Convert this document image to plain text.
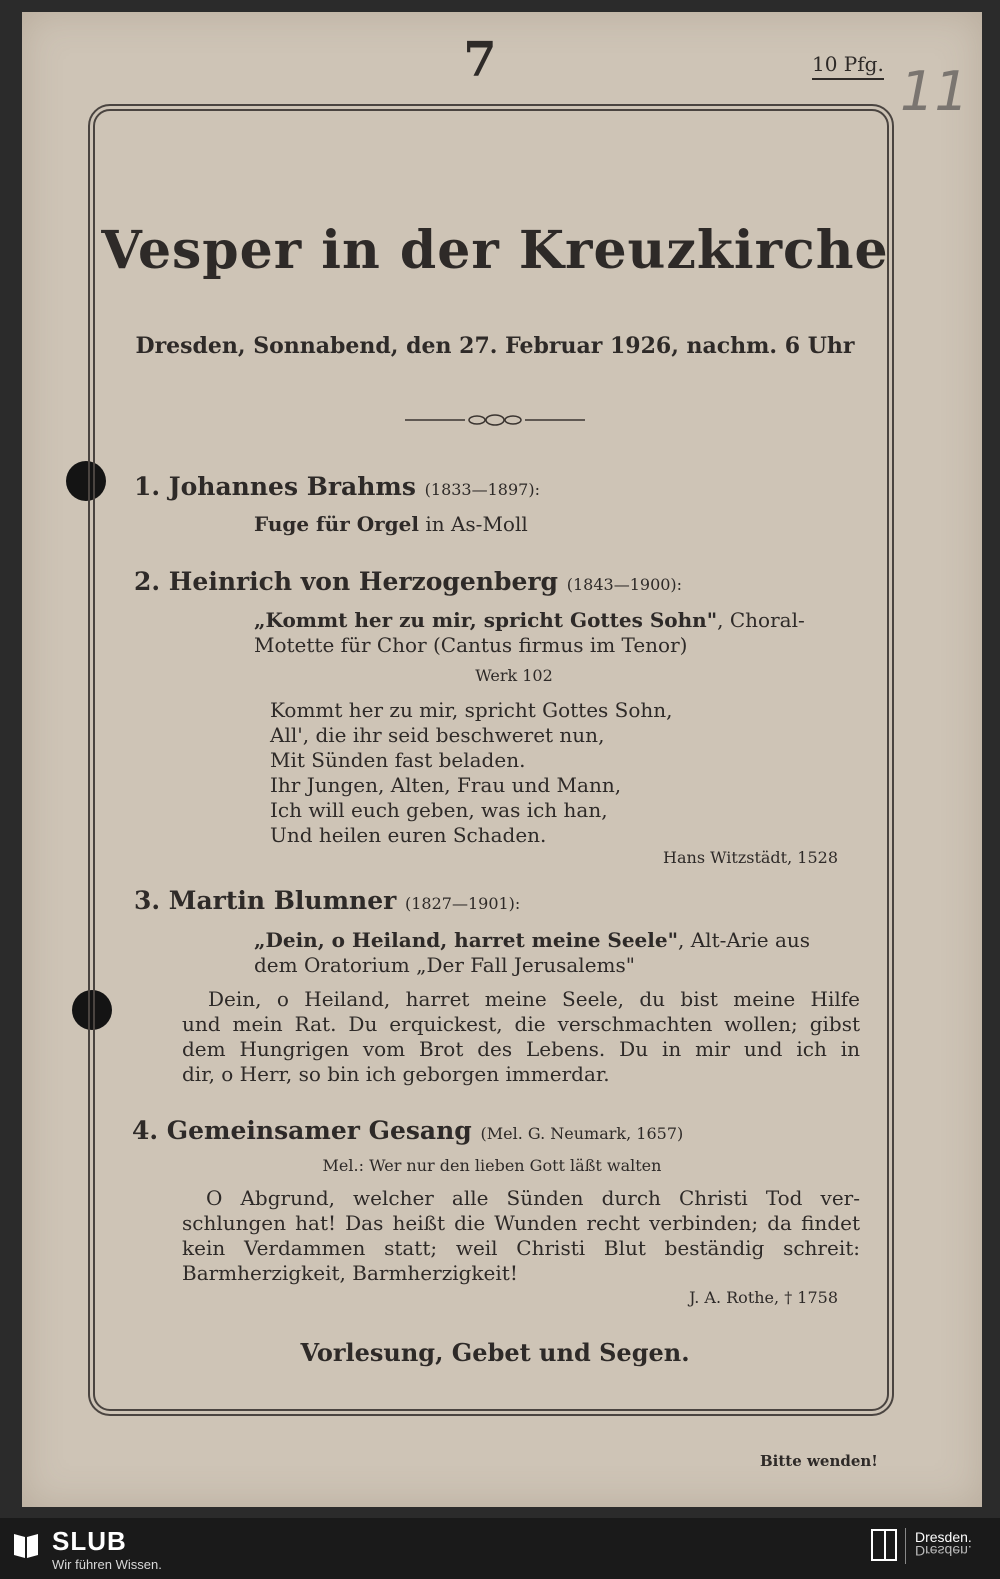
7	10 Pfg. 11
Vesper in der Kreuzkirche
Dresden, Sonnabend, den 27. Februar 1926, nachm. 6 Uhr
1. Johannes Brahms (1833—1897):
Fuge für Orgel in As-Moll
2. Heinrich von Herzogenberg (1843—1900):
„Kommt her zu mir, spricht Gottes Sohn", Choral-
Motette für Chor (Cantus firmus im Tenor)
Werk 102
Kommt her zu mir, spricht Gottes Sohn,
All', die ihr seid beschweret nun,
Mit Sünden fast beladen.
Ihr Jungen, Alten, Frau und Mann,
Ich will euch geben, was ich han,
Und heilen euren Schaden.
Hans Witzstädt, 1528
3. Martin Blumner (1827—1901):
„Dein, o Heiland, harret meine Seele", Alt-Arie aus
dem Oratorium „Der Fall Jerusalems"
Dein, o Heiland, harret meine Seele, du bist meine Hilfe
und mein Rat. Du erquickest, die verschmachten wollen; gibst
dem Hungrigen vom Brot des Lebens. Du in mir und ich in
dir, o Herr, so bin ich geborgen immerdar.
4. Gemeinsamer Gesang (Mel. G. Neumark, 1657)
Mel.: Wer nur den lieben Gott läßt walten
O Abgrund, welcher alle Sünden durch Christi Tod ver-
schlungen hat! Das heißt die Wunden recht verbinden; da findet
kein Verdammen statt; weil Christi Blut beständig schreit:
Barmherzigkeit, Barmherzigkeit!
J. A. Rothe, † 1758
Vorlesung, Gebet und Segen.
Bitte wenden!
SLUB
Wir führen Wissen.
Dresden.
Dresden.
